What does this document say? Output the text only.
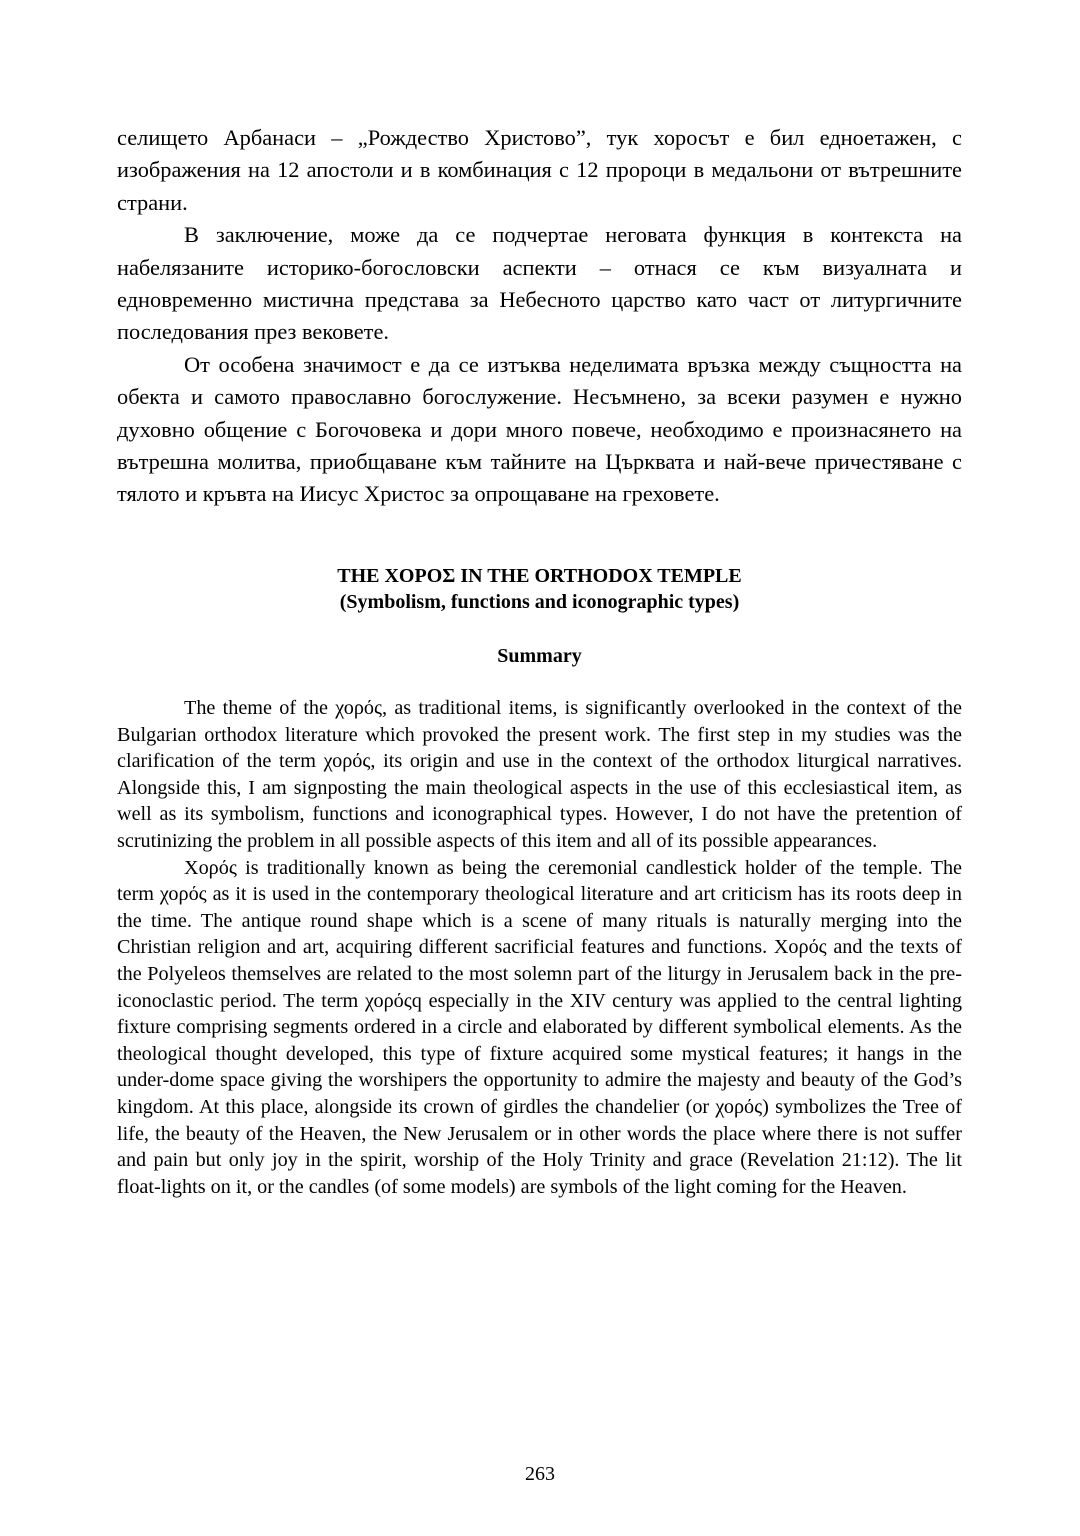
селището Арбанаси – „Рождество Христово”, тук хоросът е бил едноетажен, с изображения на 12 апостоли и в комбинация с 12 пророци в медальони от вътрешните страни.

В заключение, може да се подчертае неговата функция в контекста на набелязаните историко-богословски аспекти – отнася се към визуалната и едновременно мистична представа за Небесното царство като част от литургичните последования през вековете.

От особена значимост е да се изтъква неделимата връзка между същността на обекта и самото православно богослужение. Несъмнено, за всеки разумен е нужно духовно общение с Богочовека и дори много повече, необходимо е произнасянето на вътрешна молитва, приобщаване към тайните на Църквата и най-вече причестяване с тялото и кръвта на Иисус Христос за опрощаване на греховете.

THE ΧΟΡΟΣ IN THE ORTHODOX TEMPLE
(Symbolism, functions and iconographic types)
Summary

The theme of the χορός, as traditional items, is significantly overlooked in the context of the Bulgarian orthodox literature which provoked the present work. The first step in my studies was the clarification of the term χορός, its origin and use in the context of the orthodox liturgical narratives. Alongside this, I am signposting the main theological aspects in the use of this ecclesiastical item, as well as its symbolism, functions and iconographical types. However, I do not have the pretention of scrutinizing the problem in all possible aspects of this item and all of its possible appearances.

Χορός is traditionally known as being the ceremonial candlestick holder of the temple. The term χορός as it is used in the contemporary theological literature and art criticism has its roots deep in the time. The antique round shape which is a scene of many rituals is naturally merging into the Christian religion and art, acquiring different sacrificial features and functions. Χορός and the texts of the Polyeleos themselves are related to the most solemn part of the liturgy in Jerusalem back in the pre-iconoclastic period. The term χορόςq especially in the XIV century was applied to the central lighting fixture comprising segments ordered in a circle and elaborated by different symbolical elements. As the theological thought developed, this type of fixture acquired some mystical features; it hangs in the under-dome space giving the worshipers the opportunity to admire the majesty and beauty of the God’s kingdom. At this place, alongside its crown of girdles the chandelier (or χορός) symbolizes the Tree of life, the beauty of the Heaven, the New Jerusalem or in other words the place where there is not suffer and pain but only joy in the spirit, worship of the Holy Trinity and grace (Revelation 21:12). The lit float-lights on it, or the candles (of some models) are symbols of the light coming for the Heaven.

263
